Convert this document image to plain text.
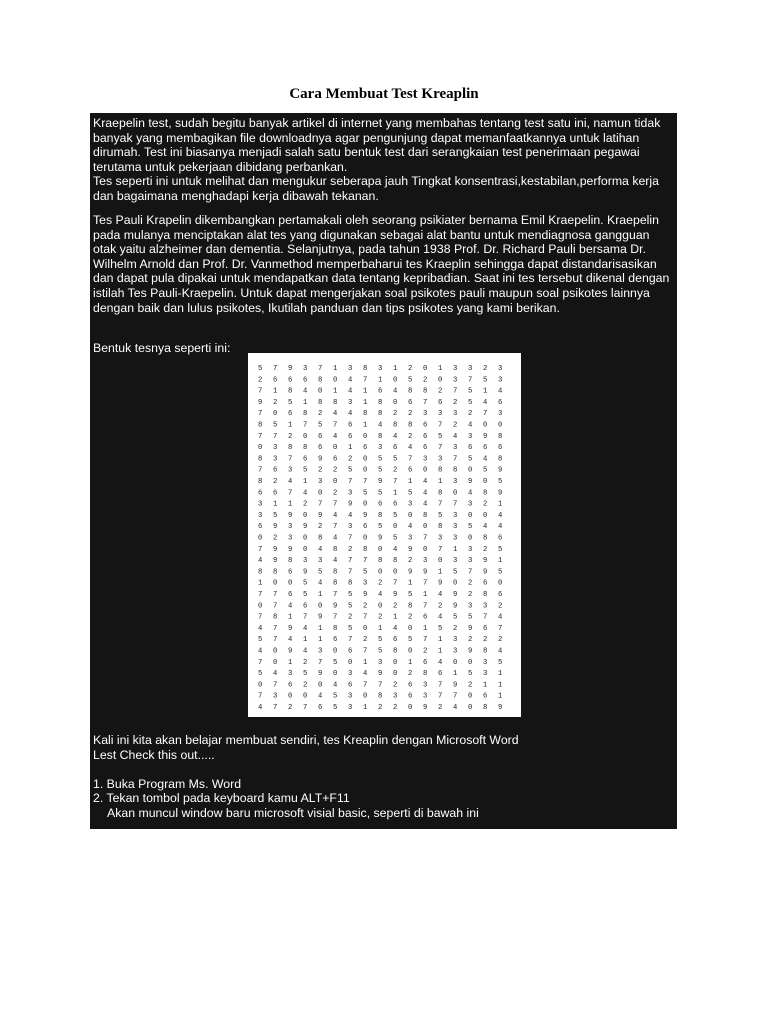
Cara Membuat Test Kreaplin
Kraepelin test, sudah begitu banyak artikel di internet yang membahas tentang test satu ini, namun tidak banyak yang membagikan file downloadnya agar pengunjung dapat memanfaatkannya untuk latihan dirumah. Test ini biasanya menjadi salah satu bentuk test dari serangkaian test penerimaan pegawai terutama untuk pekerjaan dibidang perbankan.
Tes seperti ini untuk melihat dan mengukur seberapa jauh Tingkat konsentrasi,kestabilan,performa kerja dan bagaimana menghadapi kerja dibawah tekanan.
Tes Pauli Krapelin dikembangkan pertamakali oleh seorang psikiater bernama Emil Kraepelin. Kraepelin pada mulanya menciptakan alat tes yang digunakan sebagai alat bantu untuk mendiagnosa gangguan otak yaitu alzheimer dan dementia. Selanjutnya, pada tahun 1938 Prof. Dr. Richard Pauli bersama Dr. Wilhelm Arnold dan Prof. Dr. Vanmethod memperbaharui tes Kraeplin sehingga dapat distandarisasikan dan dapat pula dipakai untuk mendapatkan data tentang kepribadian. Saat ini tes tersebut dikenal dengan istilah Tes Pauli-Kraepelin. Untuk dapat mengerjakan soal psikotes pauli maupun soal psikotes lainnya dengan baik dan lulus psikotes, Ikutilah panduan dan tips psikotes yang kami berikan.
Bentuk tesnya seperti ini:
5 7 9 3 7 1 3 8 3 1 2 0 1 3 3 2 3
2 6 6 6 8 0 4 7 1 0 5 2 0 3 7 5 3
7 1 8 4 0 1 4 1 6 4 8 8 2 7 5 1 4
9 2 5 1 8 8 3 1 8 0 6 7 6 2 5 4 6
7 0 6 8 2 4 4 8 8 2 2 3 3 3 2 7 3
8 5 1 7 5 7 6 1 4 8 8 6 7 2 4 0 0
7 7 2 0 6 4 6 0 8 4 2 6 5 4 3 9 8
0 3 8 8 6 0 1 6 3 6 4 6 7 3 6 6 6
8 3 7 6 9 6 2 0 5 5 7 3 3 7 5 4 8
7 6 3 5 2 2 5 0 5 2 6 0 8 8 0 5 9
8 2 4 1 3 0 7 7 9 7 1 4 1 3 9 0 5
6 6 7 4 0 2 3 5 5 1 5 4 8 0 4 8 9
3 1 1 2 7 7 9 0 6 6 3 4 7 7 3 2 1
3 5 9 0 9 4 4 9 8 5 0 8 5 3 0 0 4
6 9 3 9 2 7 3 6 5 0 4 0 8 3 5 4 4
0 2 3 0 8 4 7 0 9 5 3 7 3 3 0 8 6
7 9 9 0 4 8 2 8 0 4 9 0 7 1 3 2 5
4 9 8 3 3 4 7 7 8 8 2 3 0 3 3 9 1
8 8 6 9 5 8 7 5 0 0 9 9 1 5 7 9 5
1 0 0 5 4 8 8 3 2 7 1 7 9 0 2 6 0
7 7 6 5 1 7 5 9 4 9 5 1 4 9 2 8 6
0 7 4 6 0 9 5 2 0 2 8 7 2 9 3 3 2
7 8 1 7 9 7 2 7 2 1 2 6 4 5 5 7 4
4 7 9 4 1 8 5 0 1 4 0 1 5 2 9 6 7
5 7 4 1 1 6 7 2 5 6 5 7 1 3 2 2 2
4 0 9 4 3 0 6 7 5 8 0 2 1 3 9 8 4
7 0 1 2 7 5 0 1 3 0 1 6 4 0 0 3 5
5 4 3 5 9 0 3 4 9 0 2 8 6 1 5 3 1
0 7 6 2 0 4 6 7 7 2 6 3 7 9 2 1 1
7 3 0 0 4 5 3 0 8 3 6 3 7 7 0 6 1
4 7 2 7 6 5 3 1 2 2 0 9 2 4 0 8 9
Kali ini kita akan belajar membuat sendiri, tes Kreaplin dengan Microsoft Word
Lest Check this out.....

1. Buka Program Ms. Word
2. Tekan tombol pada keyboard kamu ALT+F11
Akan muncul window baru microsoft visial basic, seperti di bawah ini
